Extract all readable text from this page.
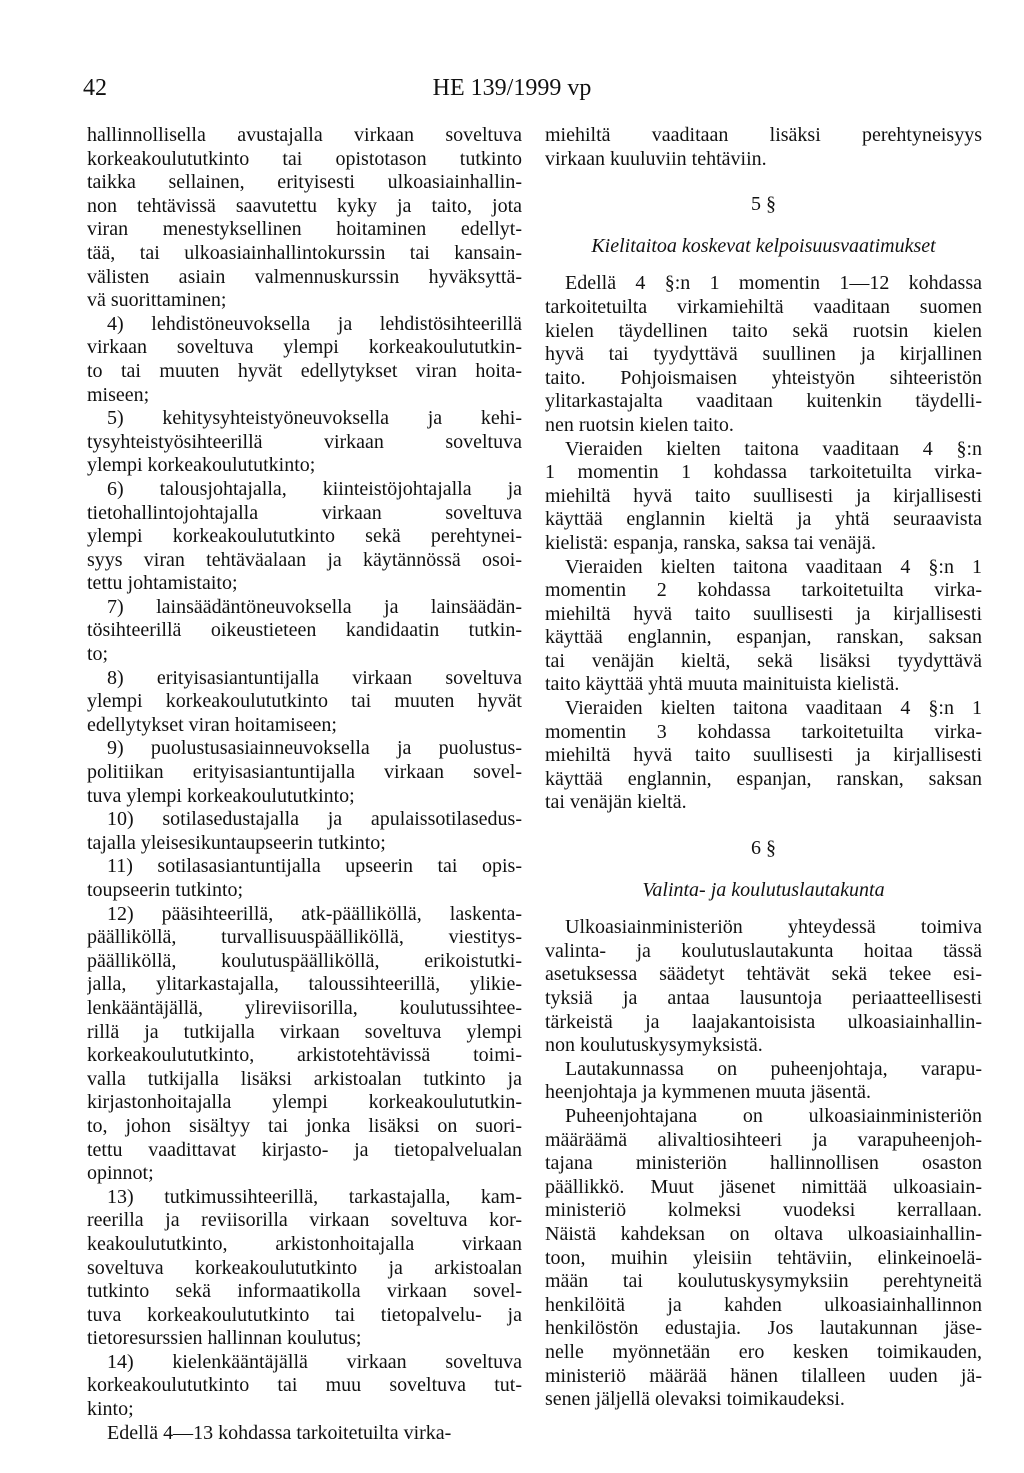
42	HE 139/1999 vp
hallinnollisella avustajalla virkaan soveltuva
korkeakoulututkinto tai opistotason tutkinto
taikka sellainen, erityisesti ulkoasiainhallin-
non tehtävissä saavutettu kyky ja taito, jota
viran menestyksellinen hoitaminen edellyt-
tää, tai ulkoasiainhallintokurssin tai kansain-
välisten asiain valmennuskurssin hyväksyttä-
vä suorittaminen;
4) lehdistöneuvoksella ja lehdistösihteerillä
virkaan soveltuva ylempi korkeakoulututkin-
to tai muuten hyvät edellytykset viran hoita-
miseen;
5) kehitysyhteistyöneuvoksella ja kehi-
tysyhteistyösihteerillä virkaan soveltuva
ylempi korkeakoulututkinto;
6) talousjohtajalla, kiinteistöjohtajalla ja
tietohallintojohtajalla virkaan soveltuva
ylempi korkeakoulututkinto sekä perehtynei-
syys viran tehtäväalaan ja käytännössä osoi-
tettu johtamistaito;
7) lainsäädäntöneuvoksella ja lainsäädän-
tösihteerillä oikeustieteen kandidaatin tutkin-
to;
8) erityisasiantuntijalla virkaan soveltuva
ylempi korkeakoulututkinto tai muuten hyvät
edellytykset viran hoitamiseen;
9) puolustusasiainneuvoksella ja puolustus-
politiikan erityisasiantuntijalla virkaan sovel-
tuva ylempi korkeakoulututkinto;
10) sotilasedustajalla ja apulaissotilasedus-
tajalla yleisesikuntaupseerin tutkinto;
11) sotilasasiantuntijalla upseerin tai opis-
toupseerin tutkinto;
12) pääsihteerillä, atk-päälliköllä, laskenta-
päälliköllä, turvallisuuspäälliköllä, viestitys-
päälliköllä, koulutuspäälliköllä, erikoistutki-
jalla, ylitarkastajalla, taloussihteerillä, ylikie-
lenkääntäjällä, ylireviisorilla, koulutussihtee-
rillä ja tutkijalla virkaan soveltuva ylempi
korkeakoulututkinto, arkistotehtävissä toimi-
valla tutkijalla lisäksi arkistoalan tutkinto ja
kirjastonhoitajalla ylempi korkeakoulututkin-
to, johon sisältyy tai jonka lisäksi on suori-
tettu vaadittavat kirjasto- ja tietopalvelualan
opinnot;
13) tutkimussihteerillä, tarkastajalla, kam-
reerilla ja reviisorilla virkaan soveltuva kor-
keakoulututkinto, arkistonhoitajalla virkaan
soveltuva korkeakoulututkinto ja arkistoalan
tutkinto sekä informaatikolla virkaan sovel-
tuva korkeakoulututkinto tai tietopalvelu- ja
tietoresurssien hallinnan koulutus;
14) kielenkääntäjällä virkaan soveltuva
korkeakoulututkinto tai muu soveltuva tut-
kinto;
Edellä 4—13 kohdassa tarkoitetuilta virka-
miehiltä vaaditaan lisäksi perehtyneisyys
virkaan kuuluviin tehtäviin.
5 §
Kielitaitoa koskevat kelpoisuusvaatimukset
Edellä 4 §:n 1 momentin 1—12 kohdassa
tarkoitetuilta virkamiehiltä vaaditaan suomen
kielen täydellinen taito sekä ruotsin kielen
hyvä tai tyydyttävä suullinen ja kirjallinen
taito. Pohjoismaisen yhteistyön sihteeristön
ylitarkastajalta vaaditaan kuitenkin täydelli-
nen ruotsin kielen taito.
Vieraiden kielten taitona vaaditaan 4 §:n
1 momentin 1 kohdassa tarkoitetuilta virka-
miehiltä hyvä taito suullisesti ja kirjallisesti
käyttää englannin kieltä ja yhtä seuraavista
kielistä: espanja, ranska, saksa tai venäjä.
Vieraiden kielten taitona vaaditaan 4 §:n 1
momentin 2 kohdassa tarkoitetuilta virka-
miehiltä hyvä taito suullisesti ja kirjallisesti
käyttää englannin, espanjan, ranskan, saksan
tai venäjän kieltä, sekä lisäksi tyydyttävä
taito käyttää yhtä muuta mainituista kielistä.
Vieraiden kielten taitona vaaditaan 4 §:n 1
momentin 3 kohdassa tarkoitetuilta virka-
miehiltä hyvä taito suullisesti ja kirjallisesti
käyttää englannin, espanjan, ranskan, saksan
tai venäjän kieltä.
6 §
Valinta- ja koulutuslautakunta
Ulkoasiainministeriön yhteydessä toimiva
valinta- ja koulutuslautakunta hoitaa tässä
asetuksessa säädetyt tehtävät sekä tekee esi-
tyksiä ja antaa lausuntoja periaatteellisesti
tärkeistä ja laajakantoisista ulkoasiainhallin-
non koulutuskysymyksistä.
Lautakunnassa on puheenjohtaja, varapu-
heenjohtaja ja kymmenen muuta jäsentä.
Puheenjohtajana on ulkoasiainministeriön
määräämä alivaltiosihteeri ja varapuheenjoh-
tajana ministeriön hallinnollisen osaston
päällikkö. Muut jäsenet nimittää ulkoasiain-
ministeriö kolmeksi vuodeksi kerrallaan.
Näistä kahdeksan on oltava ulkoasiainhallin-
toon, muihin yleisiin tehtäviin, elinkeinoelä-
mään tai koulutuskysymyksiin perehtyneitä
henkilöitä ja kahden ulkoasiainhallinnon
henkilöstön edustajia. Jos lautakunnan jäse-
nelle myönnetään ero kesken toimikauden,
ministeriö määrää hänen tilalleen uuden jä-
senen jäljellä olevaksi toimikaudeksi.
